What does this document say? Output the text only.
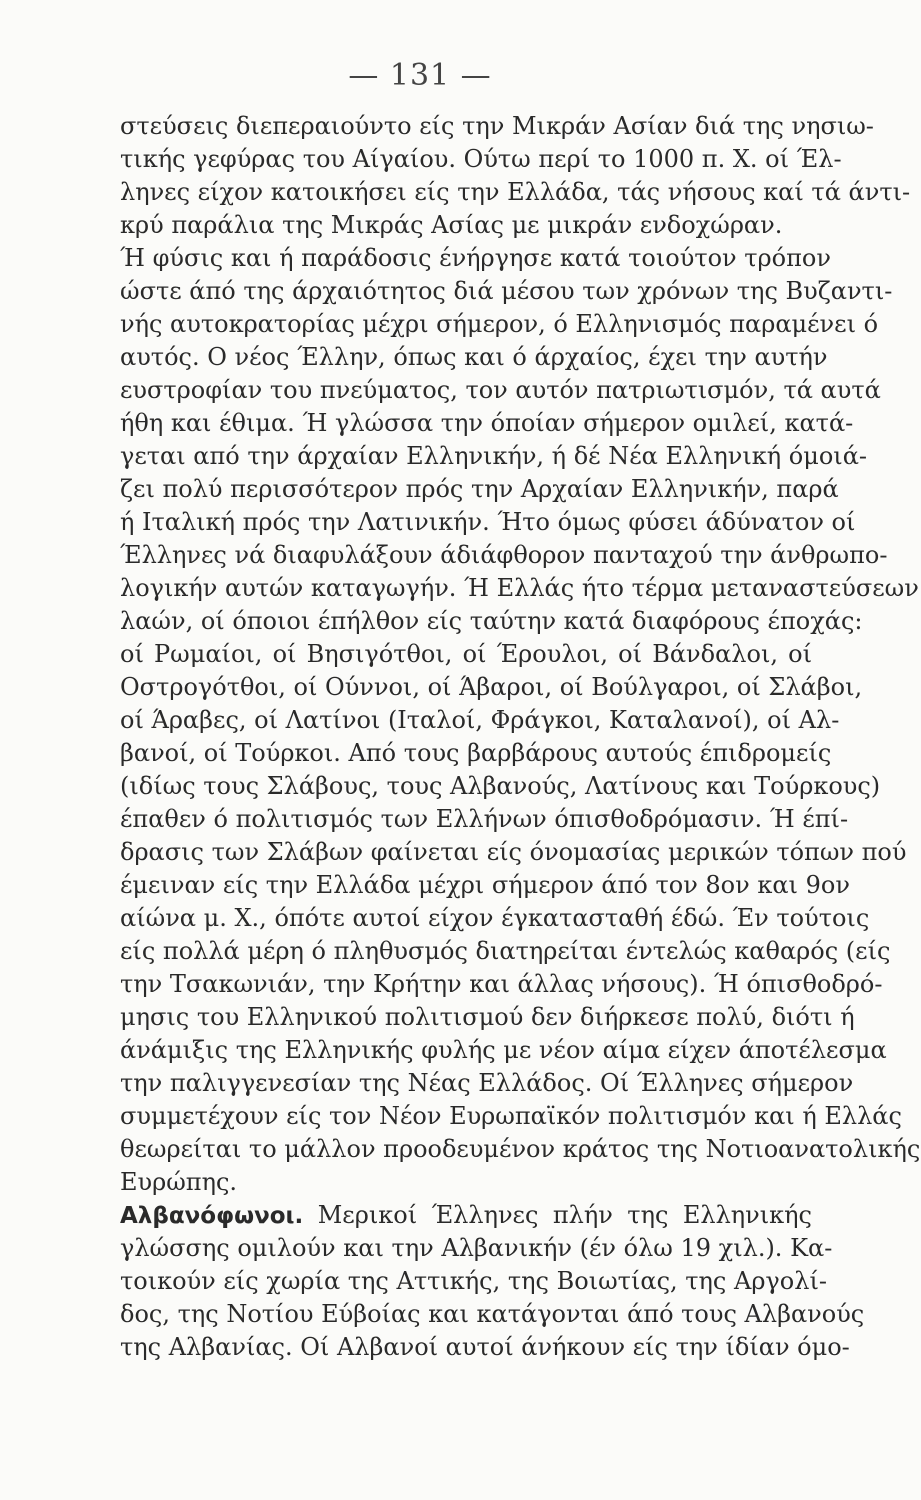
— 131 —
στεύσεις διεπεραιούντο είς την Μικράν Ασίαν διά της νησιω-
τικής γεφύρας του Αίγαίου. Ούτω περί το 1000 π. Χ. οί Έλ-
ληνες είχον κατοικήσει είς την Ελλάδα, τάς νήσους καί τά άντι-
κρύ παράλια της Μικράς Ασίας με μικράν ενδοχώραν.
Ή φύσις και ή παράδοσις ένήργησε κατά τοιούτον τρόπον
ώστε άπό της άρχαιότητος διά μέσου των χρόνων της Βυζαντι-
νής αυτοκρατορίας μέχρι σήμερον, ό Ελληνισμός παραμένει ό
αυτός. Ο νέος Έλλην, όπως και ό άρχαίος, έχει την αυτήν
ευστροφίαν του πνεύματος, τον αυτόν πατριωτισμόν, τά αυτά
ήθη και έθιμα. Ή γλώσσα την όποίαν σήμερον ομιλεί, κατά-
γεται από την άρχαίαν Ελληνικήν, ή δέ Νέα Ελληνική όμοιά-
ζει πολύ περισσότερον πρός την Αρχαίαν Ελληνικήν, παρά
ή Ιταλική πρός την Λατινικήν. Ήτο όμως φύσει άδύνατον οί
Έλληνες νά διαφυλάξουν άδιάφθορον πανταχού την άνθρωπο-
λογικήν αυτών καταγωγήν. Ή Ελλάς ήτο τέρμα μεταναστεύσεων
λαών, οί όποιοι έπήλθον είς ταύτην κατά διαφόρους έποχάς:
οί Ρωμαίοι, οί Βησιγότθοι, οί Έρουλοι, οί Βάνδαλοι, οί
Οστρογότθοι, οί Ούννοι, οί Άβαροι, οί Βούλγαροι, οί Σλάβοι,
οί Άραβες, οί Λατίνοι (Ιταλοί, Φράγκοι, Καταλανοί), οί Αλ-
βανοί, οί Τούρκοι. Από τους βαρβάρους αυτούς έπιδρομείς
(ιδίως τους Σλάβους, τους Αλβανούς, Λατίνους και Τούρκους)
έπαθεν ό πολιτισμός των Ελλήνων όπισθοδρόμασιν. Ή έπί-
δρασις των Σλάβων φαίνεται είς όνομασίας μερικών τόπων πού
έμειναν είς την Ελλάδα μέχρι σήμερον άπό τον 8ον και 9ον
αίώνα μ. Χ., όπότε αυτοί είχον έγκατασταθή έδώ. Έν τούτοις
είς πολλά μέρη ό πληθυσμός διατηρείται έντελώς καθαρός (είς
την Τσακωνιάν, την Κρήτην και άλλας νήσους). Ή όπισθοδρό-
μησις του Ελληνικού πολιτισμού δεν διήρκεσε πολύ, διότι ή
άνάμιξις της Ελληνικής φυλής με νέον αίμα είχεν άποτέλεσμα
την παλιγγενεσίαν της Νέας Ελλάδος. Οί Έλληνες σήμερον
συμμετέχουν είς τον Νέον Ευρωπαϊκόν πολιτισμόν και ή Ελλάς
θεωρείται το μάλλον προοδευμένον κράτος της Νοτιοανατολικής
Ευρώπης.
Αλβανόφωνοι. Μερικοί Έλληνες πλήν της Ελληνικής
γλώσσης ομιλούν και την Αλβανικήν (έν όλω 19 χιλ.). Κα-
τοικούν είς χωρία της Αττικής, της Βοιωτίας, της Αργολί-
δος, της Νοτίου Εύβοίας και κατάγονται άπό τους Αλβανούς
της Αλβανίας. Οί Αλβανοί αυτοί άνήκουν είς την ίδίαν όμο-
